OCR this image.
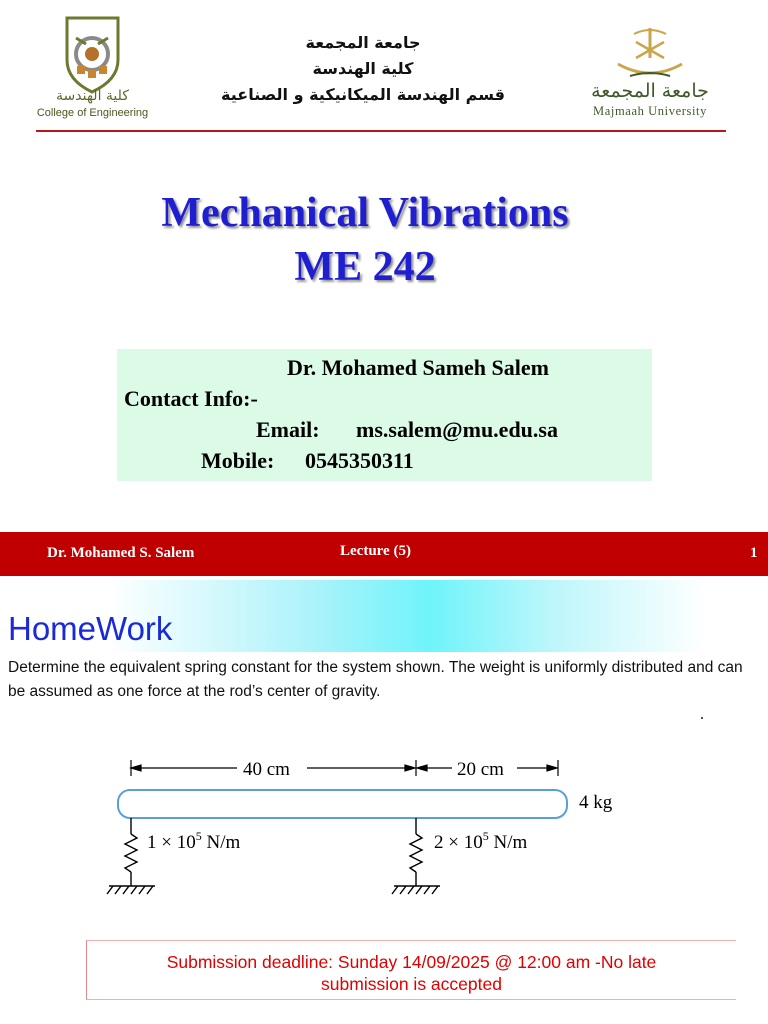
كلية الهندسة
College of Engineering
جامعة المجمعة
كلية الهندسة
قسم الهندسة الميكانيكية و الصناعية	جامعة المجمعة
Majmaah University
Mechanical Vibrations
ME 242
Dr. Mohamed Sameh Salem
Contact Info:-
Email: ms.salem@mu.edu.sa
Mobile: 0545350311
Dr. Mohamed S. Salem	Lecture (5)	1
HomeWork
Determine the equivalent spring constant for the system shown. The weight is uniformly distributed and can be assumed as one force at the rod’s center of gravity.
40 cm	20 cm
4 kg
$1 \times 10^5$ N/m	$2 \times 10^5$ N/m
Submission deadline: Sunday 14/09/2025 @ 12:00 am -No late
submission is accepted
